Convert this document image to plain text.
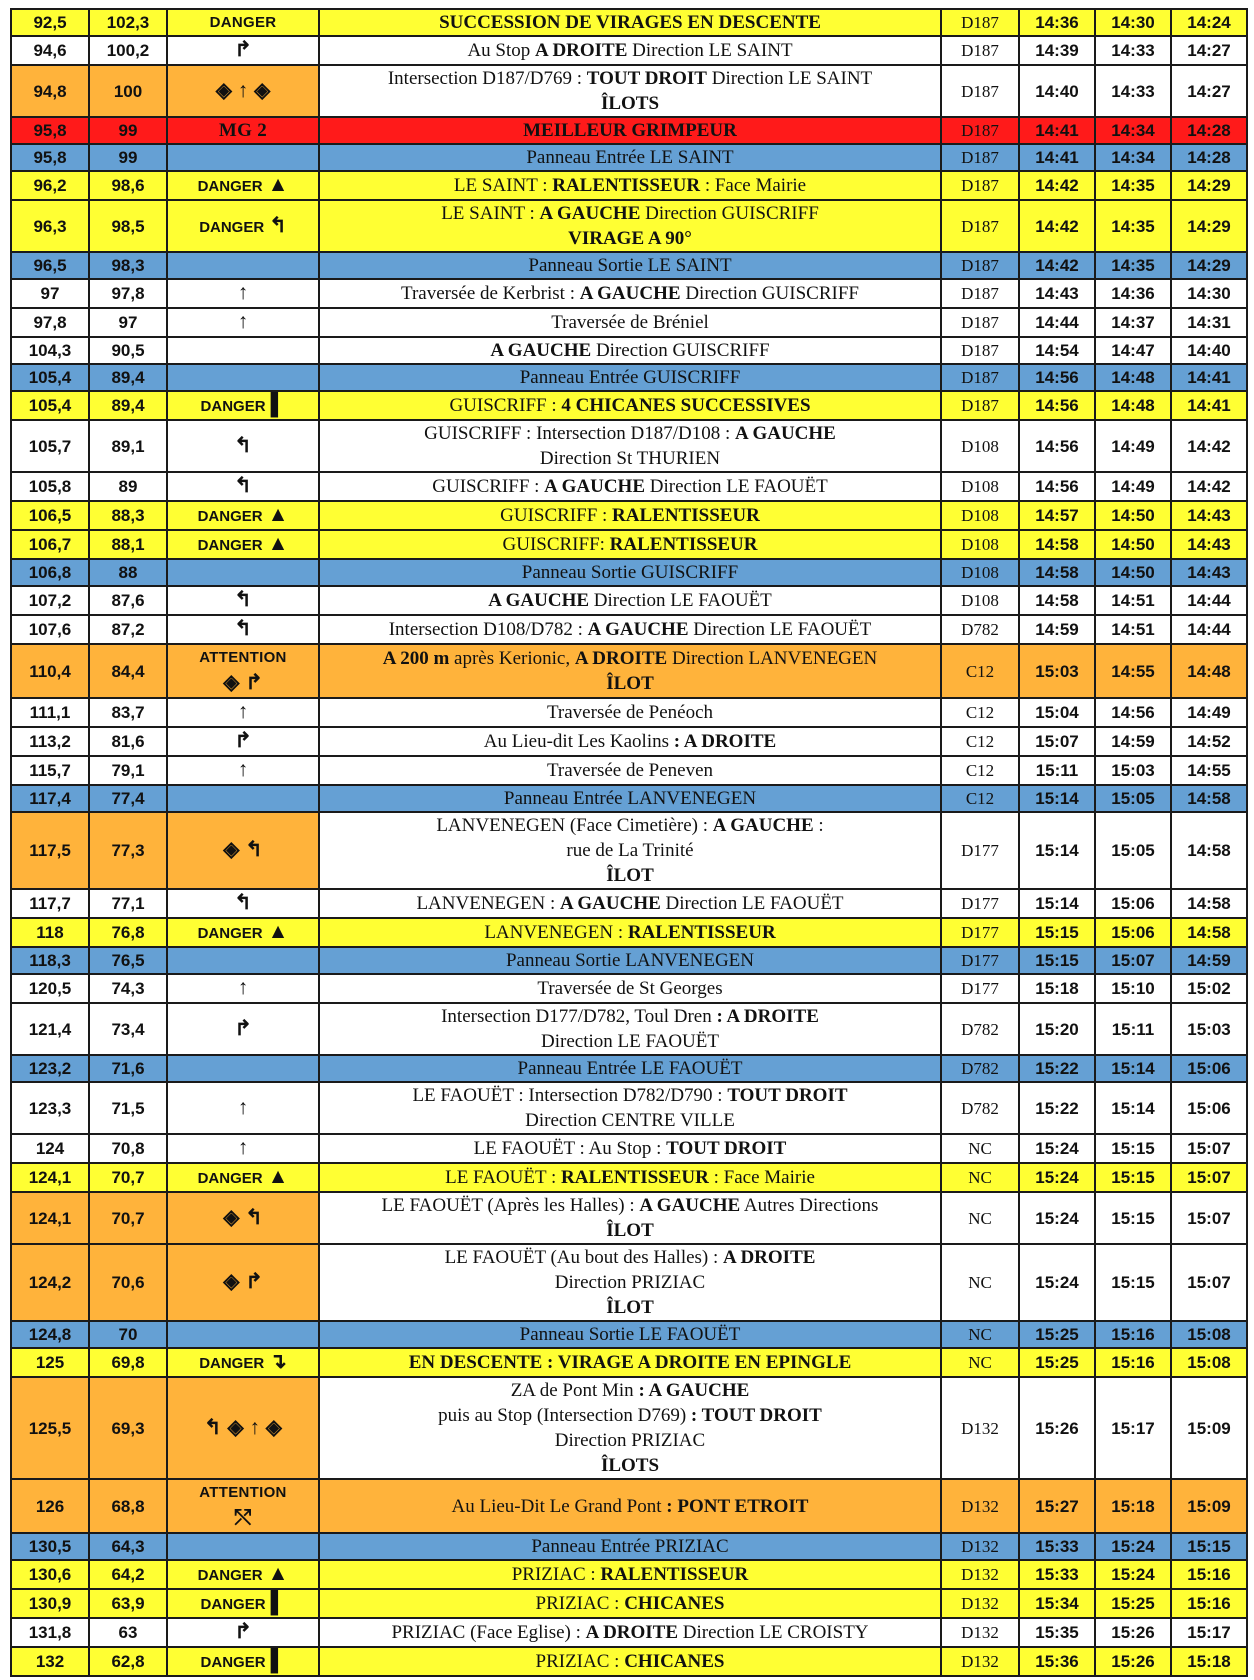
92,5	102,3	DANGER	SUCCESSION DE VIRAGES EN DESCENTE	D187	14:36	14:30	14:24
94,6	100,2	↱	Au Stop A DROITE Direction LE SAINT	D187	14:39	14:33	14:27
94,8	100	◈ ↑ ◈	Intersection D187/D769 : TOUT DROIT Direction LE SAINT
ÎLOTS	D187	14:40	14:33	14:27
95,8	99	MG 2	MEILLEUR GRIMPEUR	D187	14:41	14:34	14:28
95,8	99		Panneau Entrée LE SAINT	D187	14:41	14:34	14:28
96,2	98,6	DANGER ▲	LE SAINT : RALENTISSEUR : Face Mairie	D187	14:42	14:35	14:29
96,3	98,5	DANGER ↰	LE SAINT : A GAUCHE Direction GUISCRIFF
VIRAGE A 90°	D187	14:42	14:35	14:29
96,5	98,3		Panneau Sortie LE SAINT	D187	14:42	14:35	14:29
97	97,8	↑	Traversée de Kerbrist : A GAUCHE Direction GUISCRIFF	D187	14:43	14:36	14:30
97,8	97	↑	Traversée de Bréniel	D187	14:44	14:37	14:31
104,3	90,5		A GAUCHE Direction GUISCRIFF	D187	14:54	14:47	14:40
105,4	89,4		Panneau Entrée GUISCRIFF	D187	14:56	14:48	14:41
105,4	89,4	DANGER ▌	GUISCRIFF : 4 CHICANES SUCCESSIVES	D187	14:56	14:48	14:41
105,7	89,1	↰	GUISCRIFF : Intersection D187/D108 : A GAUCHE
Direction St THURIEN	D108	14:56	14:49	14:42
105,8	89	↰	GUISCRIFF : A GAUCHE Direction LE FAOUËT	D108	14:56	14:49	14:42
106,5	88,3	DANGER ▲	GUISCRIFF : RALENTISSEUR	D108	14:57	14:50	14:43
106,7	88,1	DANGER ▲	GUISCRIFF: RALENTISSEUR	D108	14:58	14:50	14:43
106,8	88		Panneau Sortie GUISCRIFF	D108	14:58	14:50	14:43
107,2	87,6	↰	A GAUCHE Direction LE FAOUËT	D108	14:58	14:51	14:44
107,6	87,2	↰	Intersection D108/D782 : A GAUCHE Direction LE FAOUËT	D782	14:59	14:51	14:44
110,4	84,4	ATTENTION
◈ ↱	A 200 m après Kerionic, A DROITE Direction LANVENEGEN
ÎLOT	C12	15:03	14:55	14:48
111,1	83,7	↑	Traversée de Penéoch	C12	15:04	14:56	14:49
113,2	81,6	↱	Au Lieu-dit Les Kaolins : A DROITE	C12	15:07	14:59	14:52
115,7	79,1	↑	Traversée de Peneven	C12	15:11	15:03	14:55
117,4	77,4		Panneau Entrée LANVENEGEN	C12	15:14	15:05	14:58
117,5	77,3	◈ ↰	LANVENEGEN (Face Cimetière) : A GAUCHE :
rue de La Trinité
ÎLOT	D177	15:14	15:05	14:58
117,7	77,1	↰	LANVENEGEN : A GAUCHE Direction LE FAOUËT	D177	15:14	15:06	14:58
118	76,8	DANGER ▲	LANVENEGEN : RALENTISSEUR	D177	15:15	15:06	14:58
118,3	76,5		Panneau Sortie LANVENEGEN	D177	15:15	15:07	14:59
120,5	74,3	↑	Traversée de St Georges	D177	15:18	15:10	15:02
121,4	73,4	↱	Intersection D177/D782, Toul Dren : A DROITE
Direction LE FAOUËT	D782	15:20	15:11	15:03
123,2	71,6		Panneau Entrée LE FAOUËT	D782	15:22	15:14	15:06
123,3	71,5	↑	LE FAOUËT : Intersection D782/D790 : TOUT DROIT
Direction CENTRE VILLE	D782	15:22	15:14	15:06
124	70,8	↑	LE FAOUËT : Au Stop : TOUT DROIT	NC	15:24	15:15	15:07
124,1	70,7	DANGER ▲	LE FAOUËT : RALENTISSEUR : Face Mairie	NC	15:24	15:15	15:07
124,1	70,7	◈ ↰	LE FAOUËT (Après les Halles) : A GAUCHE Autres Directions
ÎLOT	NC	15:24	15:15	15:07
124,2	70,6	◈ ↱	LE FAOUËT (Au bout des Halles) : A DROITE
Direction PRIZIAC
ÎLOT	NC	15:24	15:15	15:07
124,8	70		Panneau Sortie LE FAOUËT	NC	15:25	15:16	15:08
125	69,8	DANGER ↴	EN DESCENTE : VIRAGE A DROITE EN EPINGLE	NC	15:25	15:16	15:08
125,5	69,3	↰ ◈ ↑ ◈	ZA de Pont Min : A GAUCHE
puis au Stop (Intersection D769) : TOUT DROIT
Direction PRIZIAC
ÎLOTS	D132	15:26	15:17	15:09
126	68,8	ATTENTION
⤲	Au Lieu-Dit Le Grand Pont : PONT ETROIT	D132	15:27	15:18	15:09
130,5	64,3		Panneau Entrée PRIZIAC	D132	15:33	15:24	15:15
130,6	64,2	DANGER ▲	PRIZIAC : RALENTISSEUR	D132	15:33	15:24	15:16
130,9	63,9	DANGER ▌	PRIZIAC : CHICANES	D132	15:34	15:25	15:16
131,8	63	↱	PRIZIAC (Face Eglise) : A DROITE Direction LE CROISTY	D132	15:35	15:26	15:17
132	62,8	DANGER ▌	PRIZIAC : CHICANES	D132	15:36	15:26	15:18
